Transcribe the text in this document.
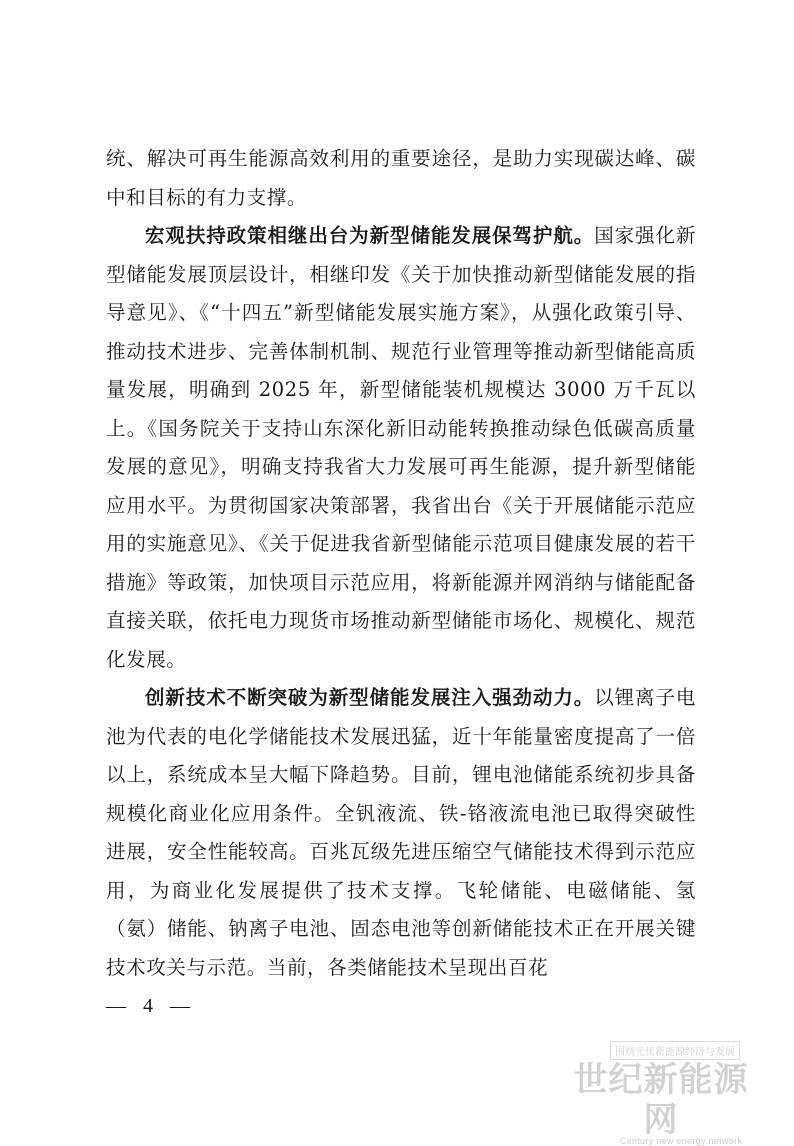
统、解决可再生能源高效利用的重要途径，是助力实现碳达峰、碳中和目标的有力支撑。

宏观扶持政策相继出台为新型储能发展保驾护航。国家强化新型储能发展顶层设计，相继印发《关于加快推动新型储能发展的指导意见》、《“十四五”新型储能发展实施方案》，从强化政策引导、推动技术进步、完善体制机制、规范行业管理等推动新型储能高质量发展，明确到 2025 年，新型储能装机规模达 3000 万千瓦以上。《国务院关于支持山东深化新旧动能转换推动绿色低碳高质量发展的意见》，明确支持我省大力发展可再生能源，提升新型储能应用水平。为贯彻国家决策部署，我省出台《关于开展储能示范应用的实施意见》、《关于促进我省新型储能示范项目健康发展的若干措施》等政策，加快项目示范应用，将新能源并网消纳与储能配备直接关联，依托电力现货市场推动新型储能市场化、规模化、规范化发展。

创新技术不断突破为新型储能发展注入强劲动力。以锂离子电池为代表的电化学储能技术发展迅猛，近十年能量密度提高了一倍以上，系统成本呈大幅下降趋势。目前，锂电池储能系统初步具备规模化商业化应用条件。全钒液流、铁-铬液流电池已取得突破性进展，安全性能较高。百兆瓦级先进压缩空气储能技术得到示范应用，为商业化发展提供了技术支撑。飞轮储能、电磁储能、氢（氨）储能、钠离子电池、固态电池等创新储能技术正在开展关键技术攻关与示范。当前，各类储能技术呈现出百花

— 4 —
围绕光伏新能源经济与发展
世纪新能源网
Century new energy network
